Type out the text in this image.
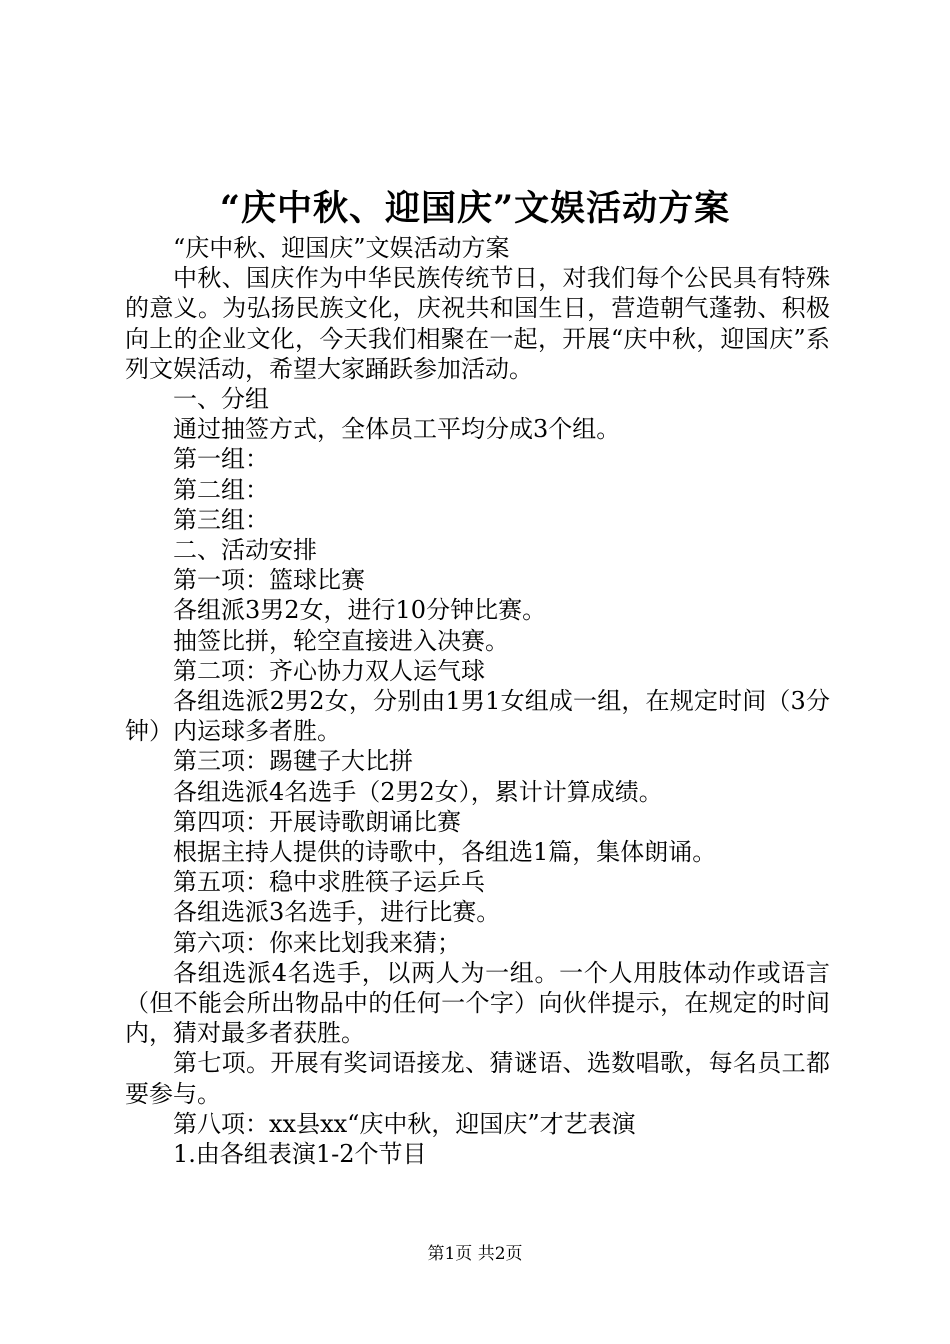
“庆中秋、迎国庆”文娱活动方案

“庆中秋、迎国庆”文娱活动方案

中秋、国庆作为中华民族传统节日，对我们每个公民具有特殊的意义。为弘扬民族文化，庆祝共和国生日，营造朝气蓬勃、积极向上的企业文化，今天我们相聚在一起，开展“庆中秋，迎国庆”系列文娱活动，希望大家踊跃参加活动。

一、分组

通过抽签方式，全体员工平均分成3个组。

第一组：

第二组：

第三组：

二、活动安排

第一项：篮球比赛

各组派3男2女，进行10分钟比赛。

抽签比拼，轮空直接进入决赛。

第二项：齐心协力双人运气球

各组选派2男2女，分别由1男1女组成一组，在规定时间（3分钟）内运球多者胜。

第三项：踢毽子大比拼

各组选派4名选手（2男2女），累计计算成绩。

第四项：开展诗歌朗诵比赛

根据主持人提供的诗歌中，各组选1篇，集体朗诵。

第五项：稳中求胜筷子运乒乓

各组选派3名选手，进行比赛。

第六项：你来比划我来猜；

各组选派4名选手，以两人为一组。一个人用肢体动作或语言（但不能会所出物品中的任何一个字）向伙伴提示，在规定的时间内，猜对最多者获胜。

第七项。开展有奖词语接龙、猜谜语、选数唱歌，每名员工都要参与。

第八项：xx县xx“庆中秋，迎国庆”才艺表演

1.由各组表演1-2个节目

第1页 共2页
